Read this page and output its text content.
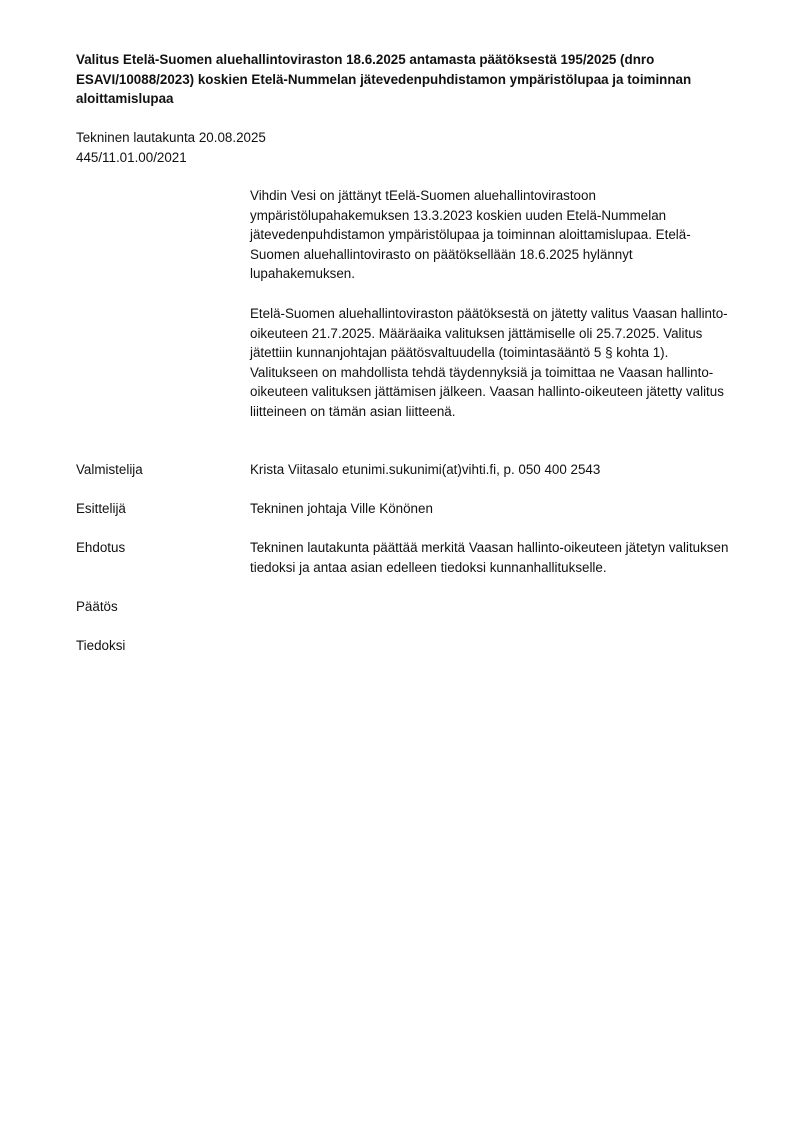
Valitus Etelä-Suomen aluehallintoviraston 18.6.2025 antamasta päätöksestä 195/2025 (dnro ESAVI/10088/2023) koskien Etelä-Nummelan jätevedenpuhdistamon ympäristölupaa ja toiminnan aloittamislupaa
Tekninen lautakunta 20.08.2025
445/11.01.00/2021
Vihdin Vesi on jättänyt tEelä-Suomen aluehallintovirastoon ympäristölupahakemuksen 13.3.2023 koskien uuden Etelä-Nummelan jätevedenpuhdistamon ympäristölupaa ja toiminnan aloittamislupaa. Etelä-Suomen aluehallintovirasto on päätöksellään 18.6.2025 hylännyt lupahakemuksen.
Etelä-Suomen aluehallintoviraston päätöksestä on jätetty valitus Vaasan hallinto-oikeuteen 21.7.2025. Määräaika valituksen jättämiselle oli 25.7.2025. Valitus jätettiin kunnanjohtajan päätösvaltuudella (toimintasääntö 5 § kohta 1). Valitukseen on mahdollista tehdä täydennyksiä ja toimittaa ne Vaasan hallinto-oikeuteen valituksen jättämisen jälkeen. Vaasan hallinto-oikeuteen jätetty valitus liitteineen on tämän asian liitteenä.
Valmistelija	Krista Viitasalo etunimi.sukunimi(at)vihti.fi, p. 050 400 2543
Esittelijä	Tekninen johtaja Ville Könönen
Ehdotus	Tekninen lautakunta päättää merkitä Vaasan hallinto-oikeuteen jätetyn valituksen tiedoksi ja antaa asian edelleen tiedoksi kunnanhallitukselle.
Päätös
Tiedoksi
